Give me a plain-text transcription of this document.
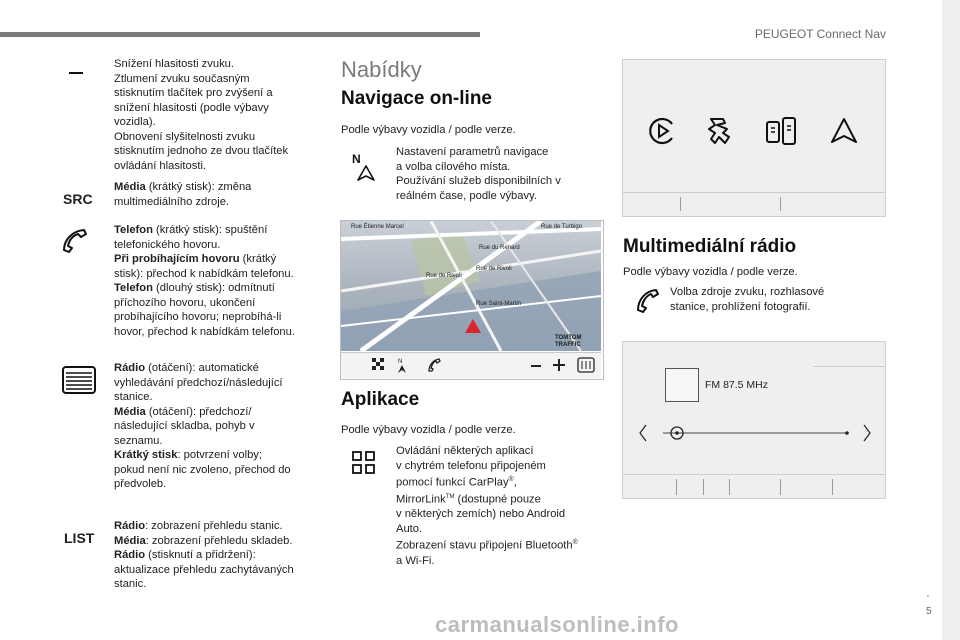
PEUGEOT Connect Nav

Snížení hlasitosti zvuku.

Ztlumení zvuku současným

stisknutím tlačítek pro zvýšení a

snížení hlasitosti (podle výbavy

vozidla).

Obnovení slyšitelnosti zvuku

stisknutím jednoho ze dvou tlačítek

ovládání hlasitosti.

SRC

Média (krátký stisk): změna

multimediálního zdroje.

Telefon (krátký stisk): spuštění

telefonického hovoru.

Při probíhajícím hovoru (krátký

stisk): přechod k nabídkám telefonu.

Telefon (dlouhý stisk): odmítnutí

příchozího hovoru, ukončení

probíhajícího hovoru; neprobíhá-li

hovor, přechod k nabídkám telefonu.

Rádio (otáčení): automatické

vyhledávání předchozí/následující

stanice.

Média (otáčení): předchozí/

následující skladba, pohyb v

seznamu.

Krátký stisk: potvrzení volby;

pokud není nic zvoleno, přechod do

předvoleb.

LIST

Rádio: zobrazení přehledu stanic.

Média: zobrazení přehledu skladeb.

Rádio (stisknutí a přidržení):

aktualizace přehledu zachytávaných

stanic.

Nabídky
Navigace on-line
Podle výbavy vozidla / podle verze.
N	Nastavení parametrů navigace

a volba cílového místa.

Používání služeb disponibilních v

reálném čase, podle výbavy.

Rue de Turbigo
Rue Étienne Marcel
Rue du Renard
Rue de Rivoli
Rue de Rivoli
Rue Saint-Martin
TOMTOM TRAFFIC
N
Aplikace
Podle výbavy vozidla / podle verze.

Ovládání některých aplikací

v chytrém telefonu připojeném

pomocí funkcí CarPlay®,

MirrorLink™ (dostupné pouze

v některých zemích) nebo Android

Auto.

Zobrazení stavu připojení Bluetooth®

a Wi-Fi.

Multimediální rádio
Podle výbavy vozidla / podle verze.

Volba zdroje zvuku, rozhlasové

stanice, prohlížení fotografií.

FM 87.5 MHz
.
5
carmanualsonline.info
